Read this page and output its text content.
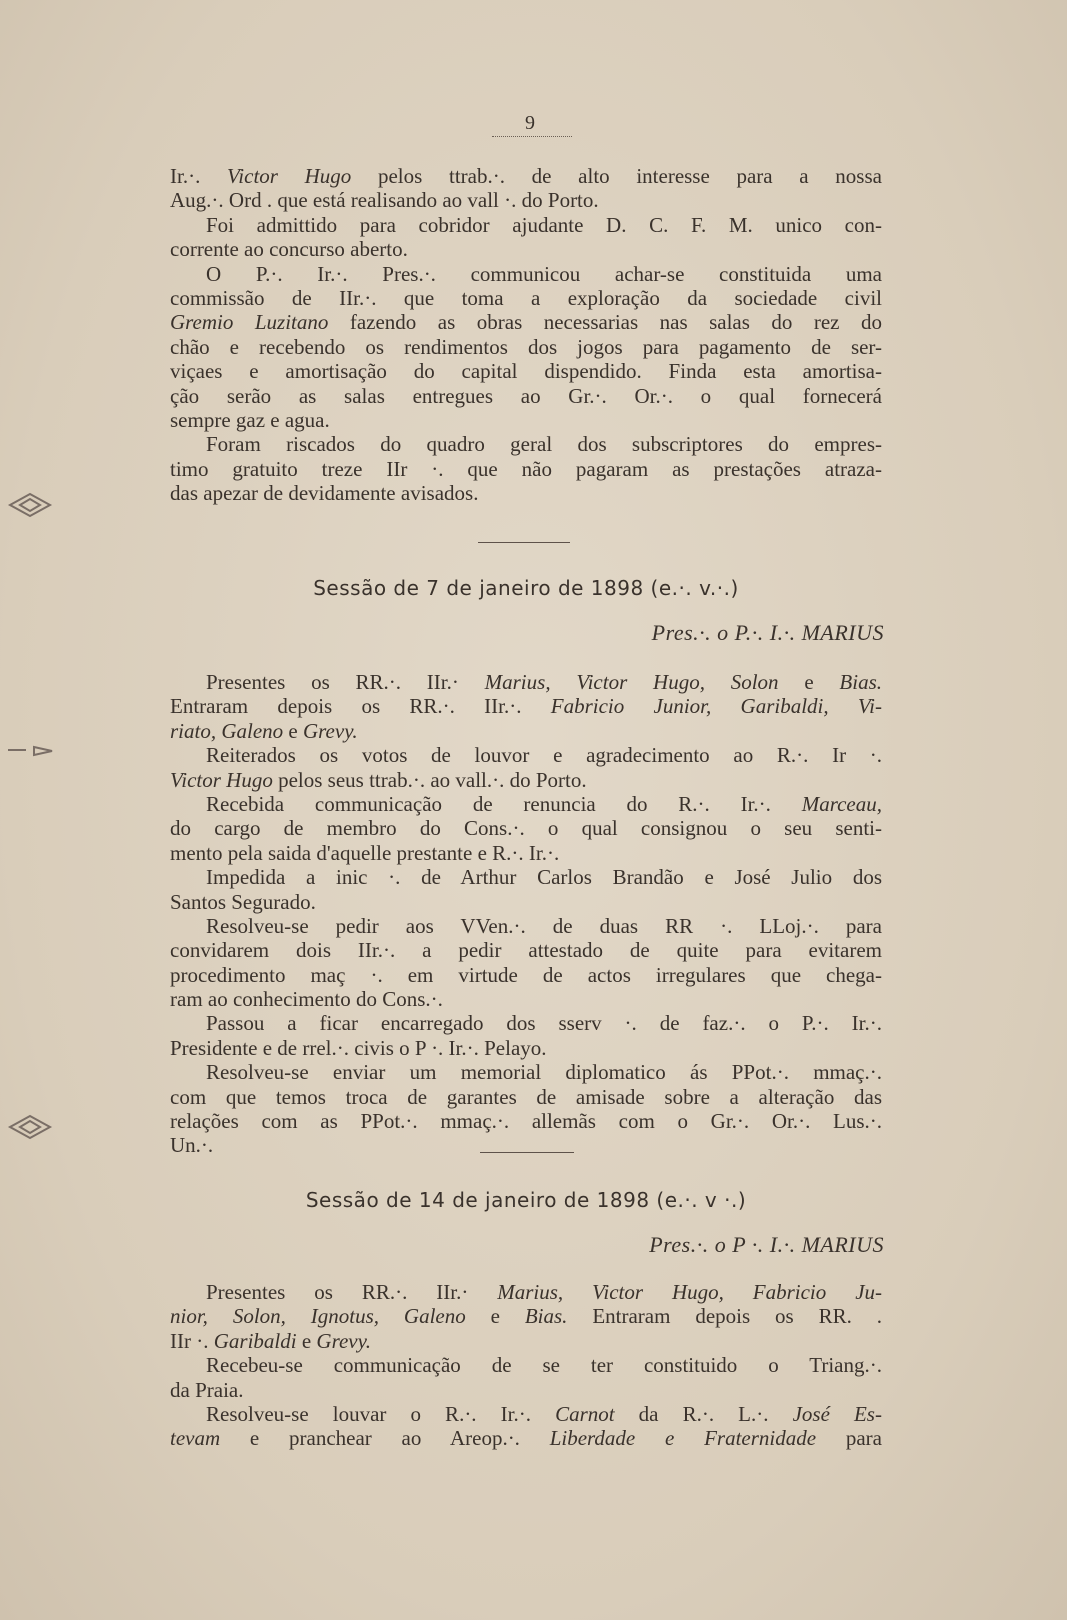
9
Ir.·. Victor Hugo pelos ttrab.·. de alto interesse para a nossa
Aug.·. Ord . que está realisando ao vall ·. do Porto.
Foi admittido para cobridor ajudante D. C. F. M. unico con-
corrente ao concurso aberto.
O P.·. Ir.·. Pres.·. communicou achar-se constituida uma
commissão de IIr.·. que toma a exploração da sociedade civil
Gremio Luzitano fazendo as obras necessarias nas salas do rez do
chão e recebendo os rendimentos dos jogos para pagamento de ser-
viçaes e amortisação do capital dispendido. Finda esta amortisa-
ção serão as salas entregues ao Gr.·. Or.·. o qual fornecerá
sempre gaz e agua.
Foram riscados do quadro geral dos subscriptores do empres-
timo gratuito treze IIr ·. que não pagaram as prestações atraza-
das apezar de devidamente avisados.
Sessão de 7 de janeiro de 1898 (e.·. v.·.)
Pres.·. o P.·. I.·. MARIUS
Presentes os RR.·. IIr.· Marius, Victor Hugo, Solon e Bias.
Entraram depois os RR.·. IIr.·. Fabricio Junior, Garibaldi, Vi-
riato, Galeno e Grevy.
Reiterados os votos de louvor e agradecimento ao R.·. Ir ·.
Victor Hugo pelos seus ttrab.·. ao vall.·. do Porto.
Recebida communicação de renuncia do R.·. Ir.·. Marceau,
do cargo de membro do Cons.·. o qual consignou o seu senti-
mento pela saida d'aquelle prestante e R.·. Ir.·.
Impedida a inic ·. de Arthur Carlos Brandão e José Julio dos
Santos Segurado.
Resolveu-se pedir aos VVen.·. de duas RR ·. LLoj.·. para
convidarem dois IIr.·. a pedir attestado de quite para evitarem
procedimento maç ·. em virtude de actos irregulares que chega-
ram ao conhecimento do Cons.·.
Passou a ficar encarregado dos sserv ·. de faz.·. o P.·. Ir.·.
Presidente e de rrel.·. civis o P ·. Ir.·. Pelayo.
Resolveu-se enviar um memorial diplomatico ás PPot.·. mmaç.·.
com que temos troca de garantes de amisade sobre a alteração das
relações com as PPot.·. mmaç.·. allemãs com o Gr.·. Or.·. Lus.·.
Un.·.
Sessão de 14 de janeiro de 1898 (e.·. v ·.)
Pres.·. o P ·. I.·. MARIUS
Presentes os RR.·. IIr.· Marius, Victor Hugo, Fabricio Ju-
nior, Solon, Ignotus, Galeno e Bias. Entraram depois os RR. .
IIr ·. Garibaldi e Grevy.
Recebeu-se communicação de se ter constituido o Triang.·.
da Praia.
Resolveu-se louvar o R.·. Ir.·. Carnot da R.·. L.·. José Es-
tevam e pranchear ao Areop.·. Liberdade e Fraternidade para
